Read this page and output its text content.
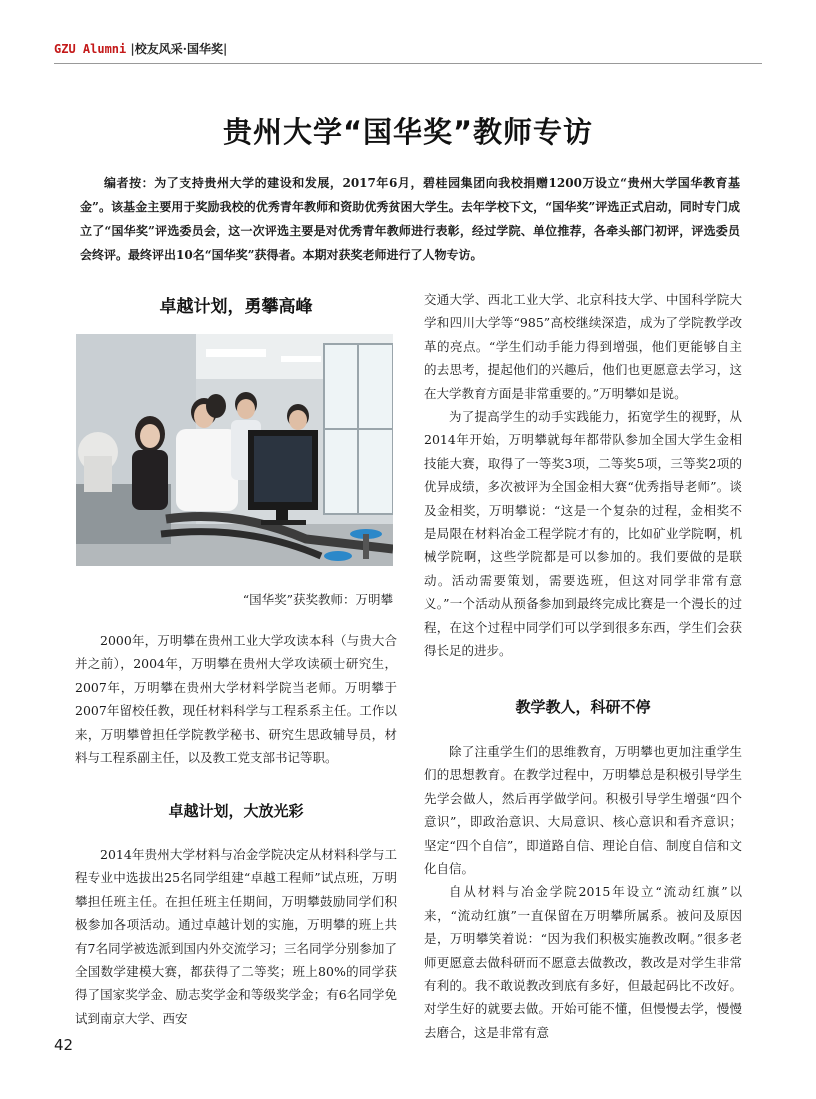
GZU Alumni |校友风采·国华奖|
贵州大学“国华奖”教师专访
编者按：为了支持贵州大学的建设和发展，2017年6月，碧桂园集团向我校捐赠1200万设立“贵州大学国华教育基金”。该基金主要用于奖励我校的优秀青年教师和资助优秀贫困大学生。去年学校下文，“国华奖”评选正式启动，同时专门成立了“国华奖”评选委员会，这一次评选主要是对优秀青年教师进行表彰，经过学院、单位推荐，各牵头部门初评，评选委员会终评。最终评出10名“国华奖”获得者。本期对获奖老师进行了人物专访。
卓越计划，勇攀高峰
“国华奖”获奖教师：万明攀

2000年，万明攀在贵州工业大学攻读本科（与贵大合并之前），2004年，万明攀在贵州大学攻读硕士研究生，2007年，万明攀在贵州大学材料学院当老师。万明攀于2007年留校任教，现任材料科学与工程系系主任。工作以来，万明攀曾担任学院教学秘书、研究生思政辅导员，材料与工程系副主任，以及教工党支部书记等职。

卓越计划，大放光彩

2014年贵州大学材料与冶金学院决定从材料科学与工程专业中选拔出25名同学组建“卓越工程师”试点班，万明攀担任班主任。在担任班主任期间，万明攀鼓励同学们积极参加各项活动。通过卓越计划的实施，万明攀的班上共有7名同学被选派到国内外交流学习；三名同学分别参加了全国数学建模大赛，都获得了二等奖；班上80%的同学获得了国家奖学金、励志奖学金和等级奖学金；有6名同学免试到南京大学、西安

交通大学、西北工业大学、北京科技大学、中国科学院大学和四川大学等“985”高校继续深造，成为了学院教学改革的亮点。“学生们动手能力得到增强，他们更能够自主的去思考，提起他们的兴趣后，他们也更愿意去学习，这在大学教育方面是非常重要的。”万明攀如是说。

为了提高学生的动手实践能力，拓宽学生的视野，从2014年开始，万明攀就每年都带队参加全国大学生金相技能大赛，取得了一等奖3项，二等奖5项，三等奖2项的优异成绩，多次被评为全国金相大赛“优秀指导老师”。谈及金相奖，万明攀说：“这是一个复杂的过程，金相奖不是局限在材料冶金工程学院才有的，比如矿业学院啊，机械学院啊，这些学院都是可以参加的。我们要做的是联动。活动需要策划，需要选班，但这对同学非常有意义。”一个活动从预备参加到最终完成比赛是一个漫长的过程，在这个过程中同学们可以学到很多东西，学生们会获得长足的进步。

教学教人，科研不停

除了注重学生们的思维教育，万明攀也更加注重学生们的思想教育。在教学过程中，万明攀总是积极引导学生先学会做人，然后再学做学问。积极引导学生增强“四个意识”，即政治意识、大局意识、核心意识和看齐意识；坚定“四个自信”，即道路自信、理论自信、制度自信和文化自信。

自从材料与冶金学院2015年设立“流动红旗”以来，“流动红旗”一直保留在万明攀所属系。被问及原因是，万明攀笑着说：“因为我们积极实施教改啊。”很多老师更愿意去做科研而不愿意去做教改，教改是对学生非常有利的。我不敢说教改到底有多好，但最起码比不改好。对学生好的就要去做。开始可能不懂，但慢慢去学，慢慢去磨合，这是非常有意

42
